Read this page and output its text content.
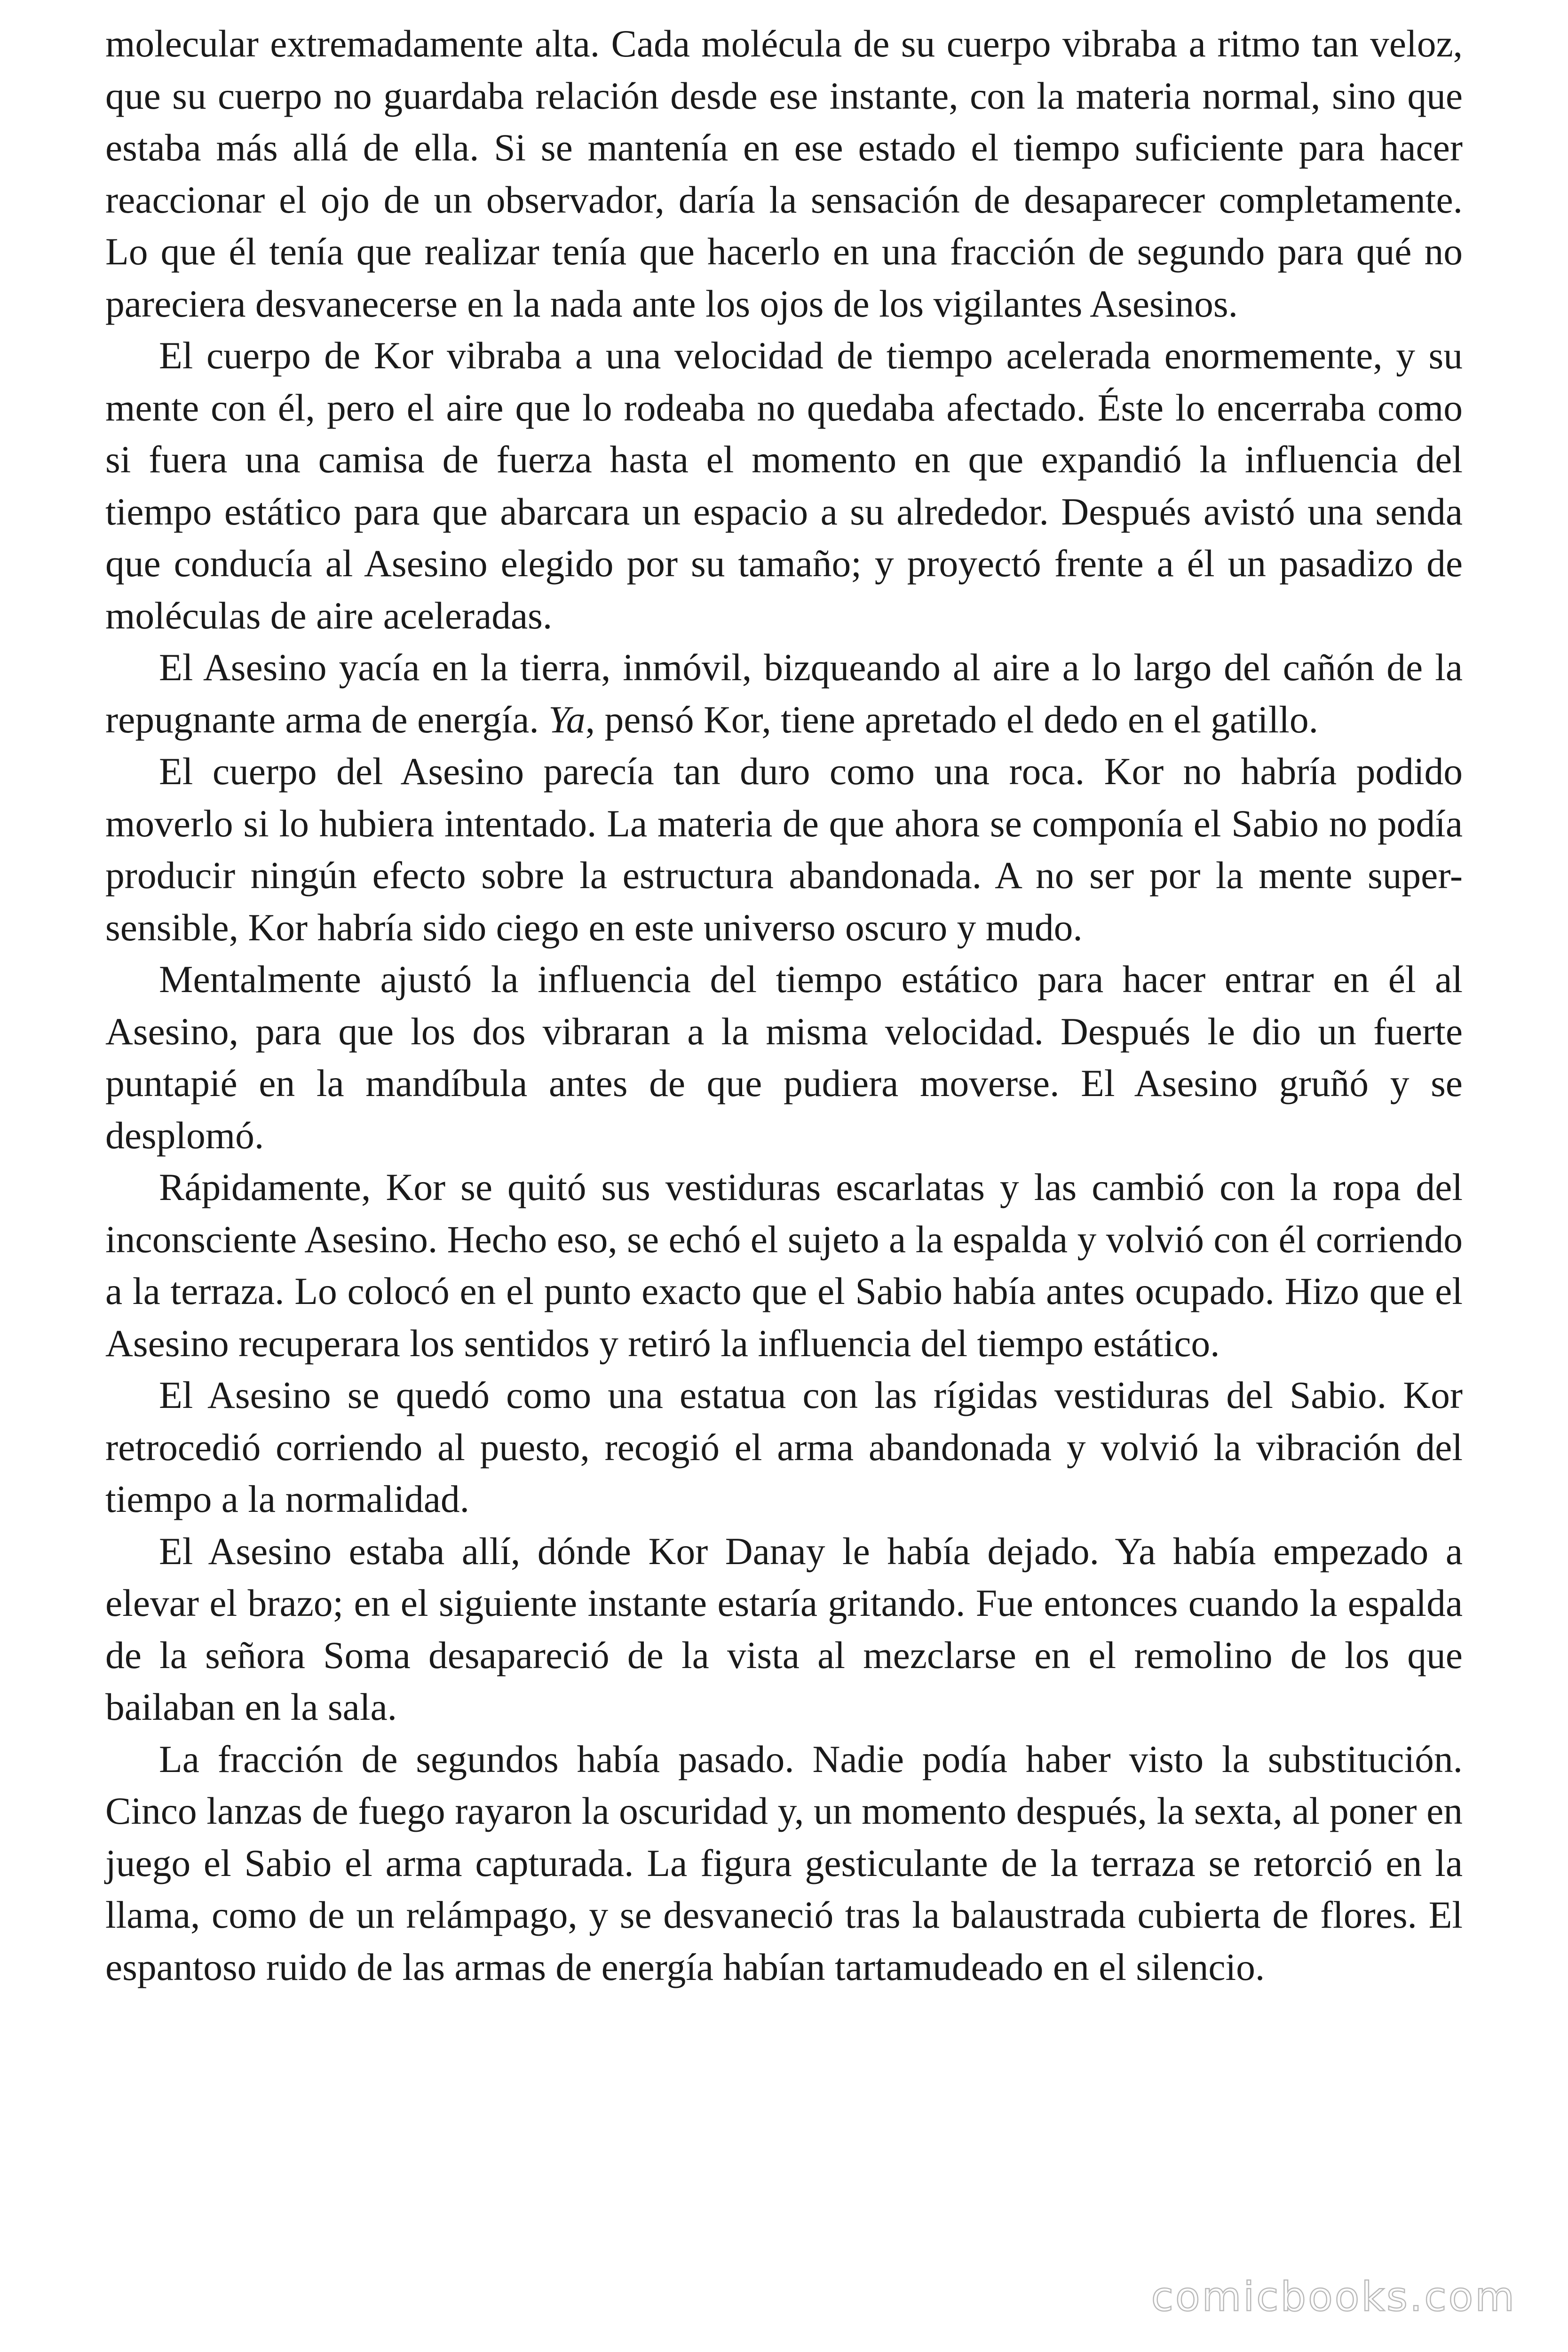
molecular extremadamente alta. Cada molécula de su cuerpo vibraba a ritmo tan veloz, que su cuerpo no guardaba relación desde ese instante, con la materia normal, sino que estaba más allá de ella. Si se mantenía en ese estado el tiempo suficiente para hacer reaccionar el ojo de un observador, daría la sensación de desaparecer completamente. Lo que él tenía que realizar tenía que hacerlo en una fracción de segundo para qué no pareciera desvanecerse en la nada ante los ojos de los vigilantes Asesinos.

El cuerpo de Kor vibraba a una velocidad de tiempo acelerada enormemente, y su mente con él, pero el aire que lo rodeaba no quedaba afectado. Éste lo encerraba como si fuera una camisa de fuerza hasta el momento en que expandió la influencia del tiempo estático para que abarcara un espacio a su alrededor. Después avistó una senda que conducía al Asesino elegido por su tamaño; y proyectó frente a él un pasadizo de moléculas de aire aceleradas.

El Asesino yacía en la tierra, inmóvil, bizqueando al aire a lo largo del cañón de la repugnante arma de energía. Ya, pensó Kor, tiene apretado el dedo en el gatillo.

El cuerpo del Asesino parecía tan duro como una roca. Kor no habría podido moverlo si lo hubiera intentado. La materia de que ahora se componía el Sabio no podía producir ningún efecto sobre la estructura abandonada. A no ser por la mente super-sensible, Kor habría sido ciego en este universo oscuro y mudo.

Mentalmente ajustó la influencia del tiempo estático para hacer entrar en él al Asesino, para que los dos vibraran a la misma velocidad. Después le dio un fuerte puntapié en la mandíbula antes de que pudiera moverse. El Asesino gruñó y se desplomó.

Rápidamente, Kor se quitó sus vestiduras escarlatas y las cambió con la ropa del inconsciente Asesino. Hecho eso, se echó el sujeto a la espalda y volvió con él corriendo a la terraza. Lo colocó en el punto exacto que el Sabio había antes ocupado. Hizo que el Asesino recuperara los sentidos y retiró la influencia del tiempo estático.

El Asesino se quedó como una estatua con las rígidas vestiduras del Sabio. Kor retrocedió corriendo al puesto, recogió el arma abandonada y volvió la vibración del tiempo a la normalidad.

El Asesino estaba allí, dónde Kor Danay le había dejado. Ya había empezado a elevar el brazo; en el siguiente instante estaría gritando. Fue entonces cuando la espalda de la señora Soma desapareció de la vista al mezclarse en el remolino de los que bailaban en la sala.

La fracción de segundos había pasado. Nadie podía haber visto la substitución. Cinco lanzas de fuego rayaron la oscuridad y, un momento después, la sexta, al poner en juego el Sabio el arma capturada. La figura gesticulante de la terraza se retorció en la llama, como de un relámpago, y se desvaneció tras la balaustrada cubierta de flores. El espantoso ruido de las armas de energía habían tartamudeado en el silencio.

comicbooks.com
